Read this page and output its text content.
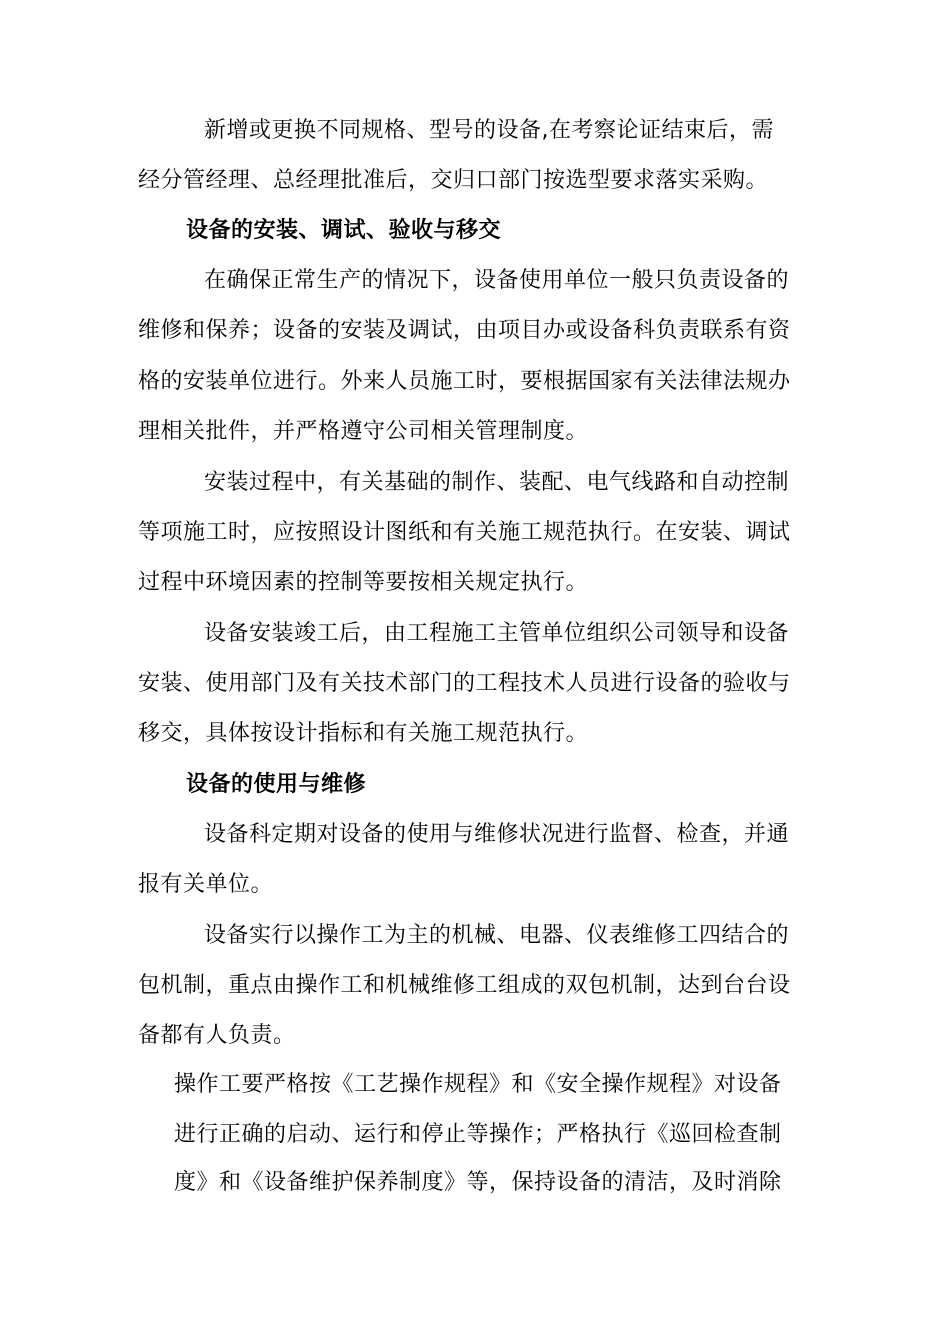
新增或更换不同规格、型号的设备,在考察论证结束后，需
经分管经理、总经理批准后，交归口部门按选型要求落实采购。
设备的安装、调试、验收与移交
在确保正常生产的情况下，设备使用单位一般只负责设备的
维修和保养；设备的安装及调试，由项目办或设备科负责联系有资
格的安装单位进行。外来人员施工时，要根据国家有关法律法规办
理相关批件，并严格遵守公司相关管理制度。
安装过程中，有关基础的制作、装配、电气线路和自动控制
等项施工时，应按照设计图纸和有关施工规范执行。在安装、调试
过程中环境因素的控制等要按相关规定执行。
设备安装竣工后，由工程施工主管单位组织公司领导和设备
安装、使用部门及有关技术部门的工程技术人员进行设备的验收与
移交，具体按设计指标和有关施工规范执行。
设备的使用与维修
设备科定期对设备的使用与维修状况进行监督、检查，并通
报有关单位。
设备实行以操作工为主的机械、电器、仪表维修工四结合的
包机制，重点由操作工和机械维修工组成的双包机制，达到台台设
备都有人负责。
操作工要严格按《工艺操作规程》和《安全操作规程》对设备
进行正确的启动、运行和停止等操作；严格执行《巡回检查制
度》和《设备维护保养制度》等，保持设备的清洁，及时消除
